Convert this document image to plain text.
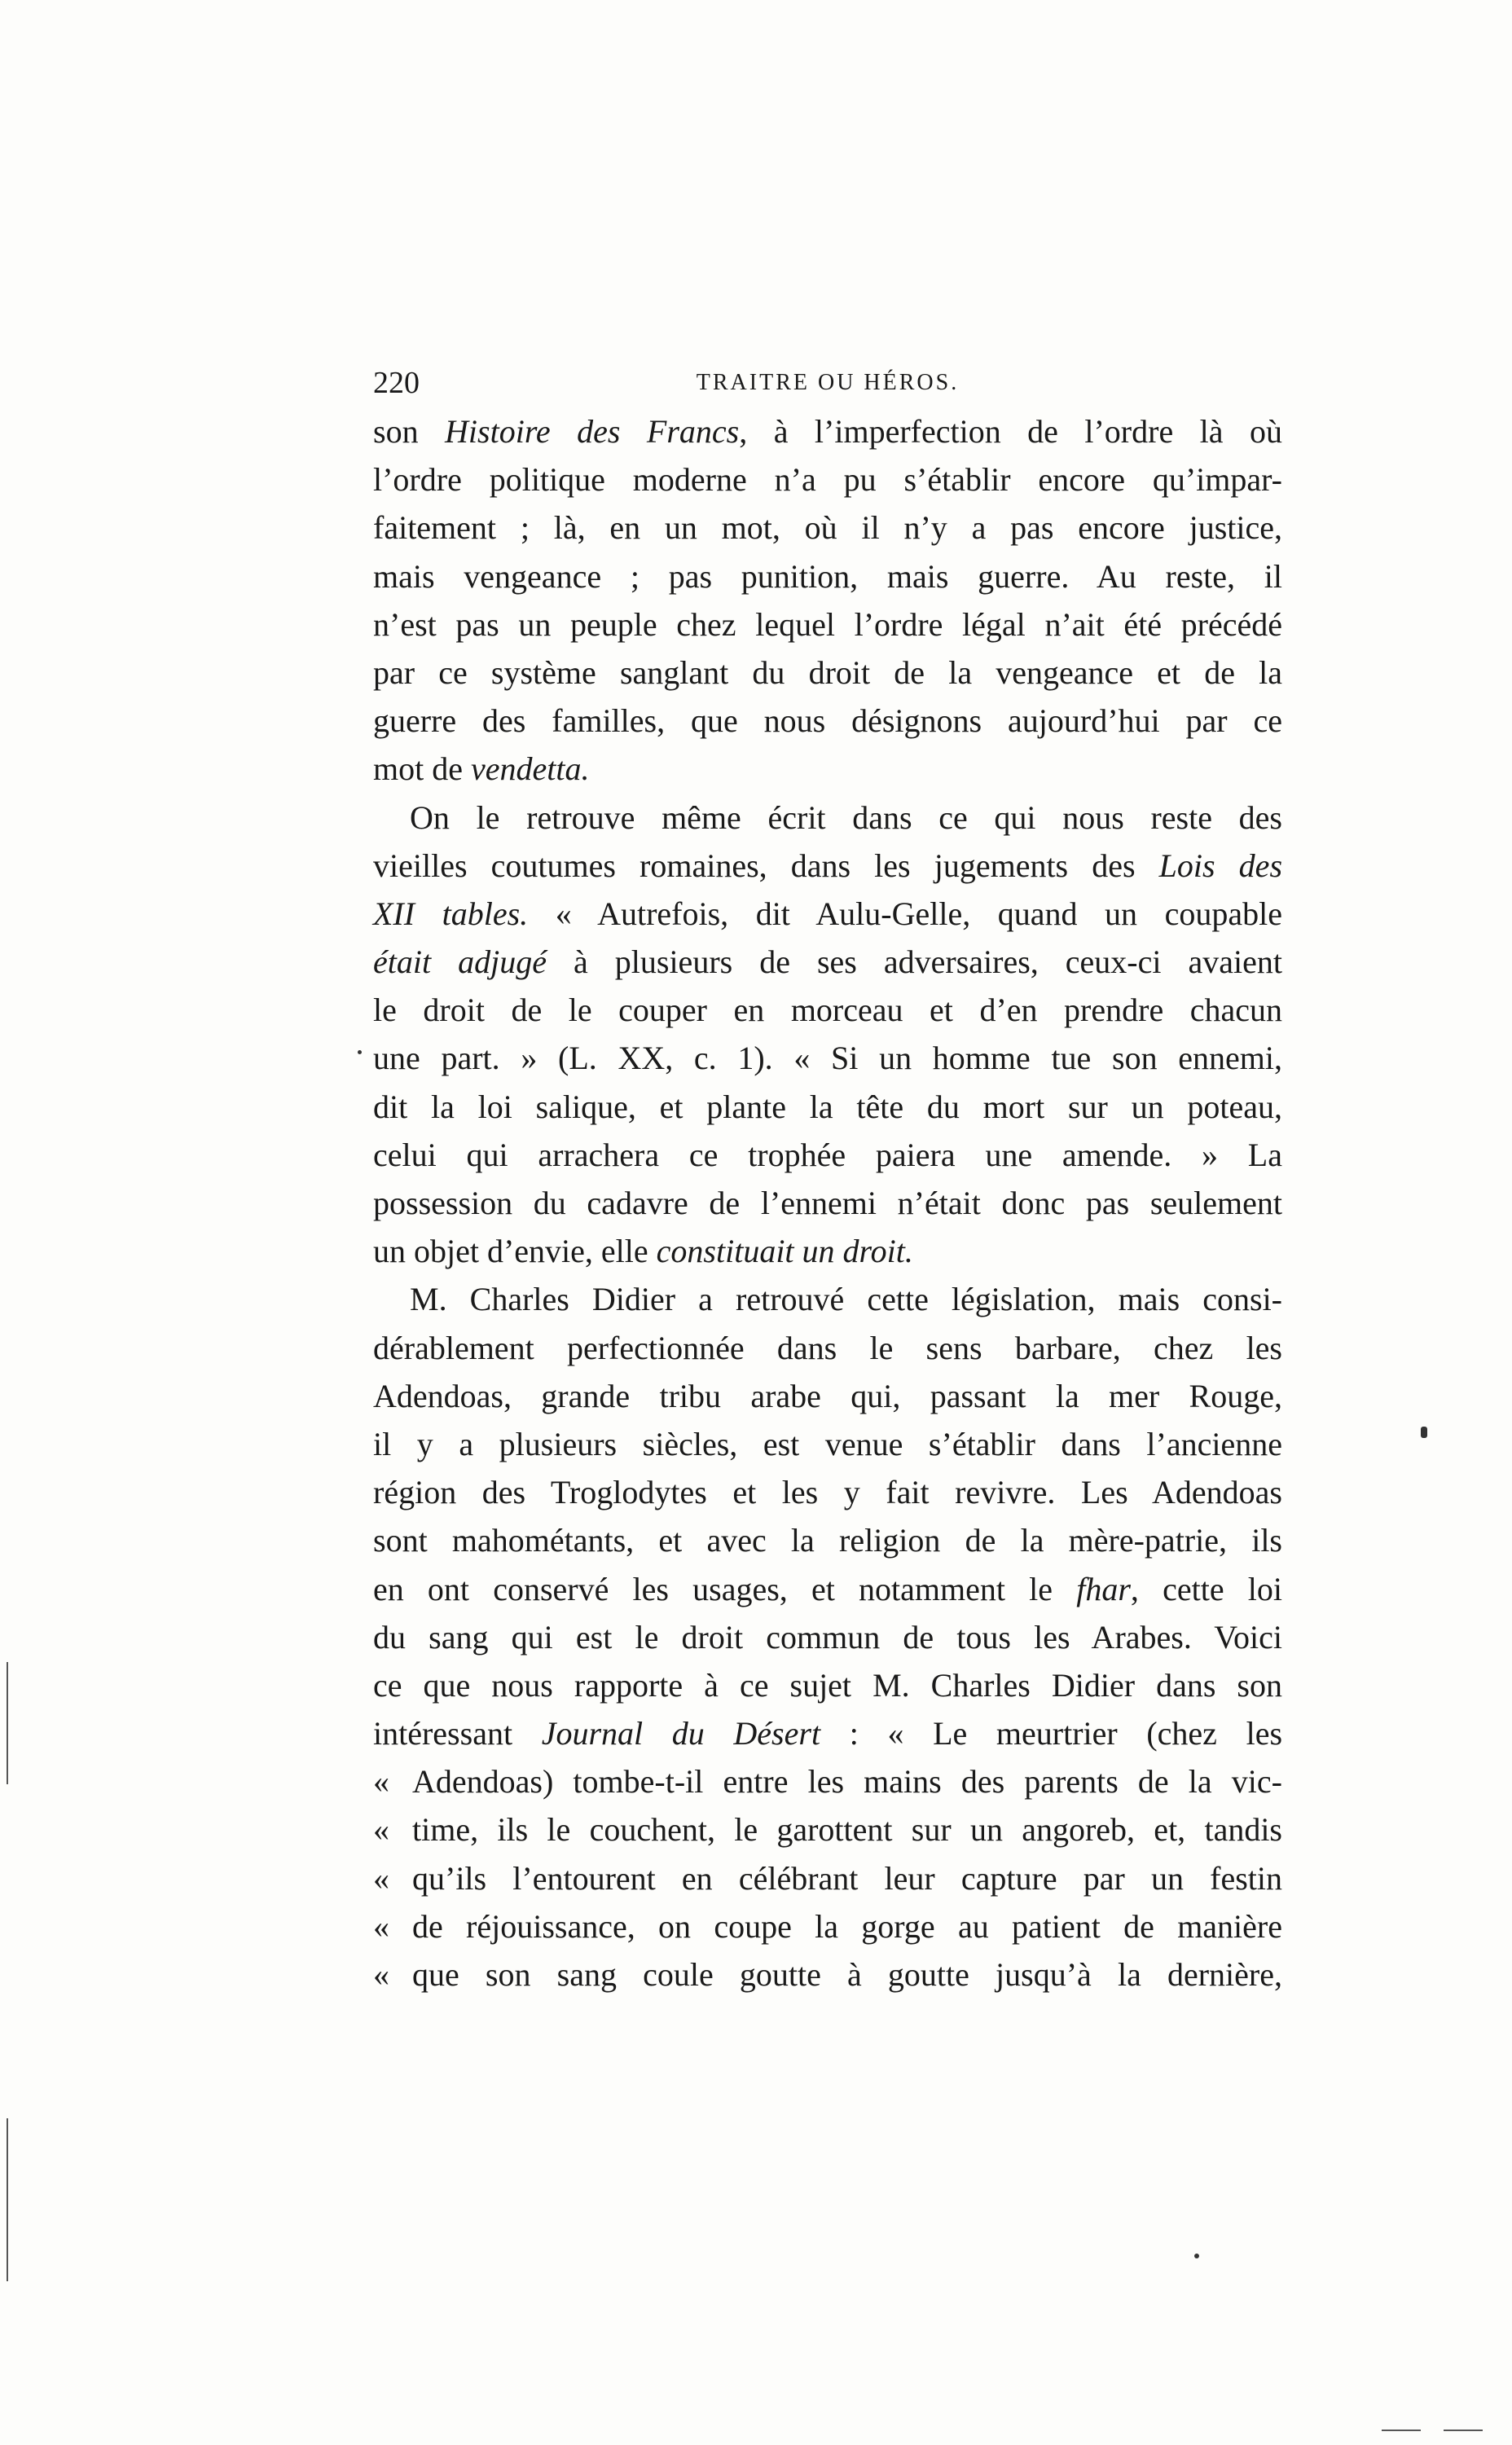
220	TRAITRE OU HÉROS.
son Histoire des Francs, à l’imperfection de l’ordre là où
l’ordre politique moderne n’a pu s’établir encore qu’impar-
faitement ; là, en un mot, où il n’y a pas encore justice,
mais vengeance ; pas punition, mais guerre. Au reste, il
n’est pas un peuple chez lequel l’ordre légal n’ait été précédé
par ce système sanglant du droit de la vengeance et de la
guerre des familles, que nous désignons aujourd’hui par ce
mot de vendetta.
On le retrouve même écrit dans ce qui nous reste des
vieilles coutumes romaines, dans les jugements des Lois des
XII tables. « Autrefois, dit Aulu-Gelle, quand un coupable
était adjugé à plusieurs de ses adversaires, ceux-ci avaient
le droit de le couper en morceau et d’en prendre chacun
une part. » (L. XX, c. 1). « Si un homme tue son ennemi,
dit la loi salique, et plante la tête du mort sur un poteau,
celui qui arrachera ce trophée paiera une amende. » La
possession du cadavre de l’ennemi n’était donc pas seulement
un objet d’envie, elle constituait un droit.
M. Charles Didier a retrouvé cette législation, mais consi-
dérablement perfectionnée dans le sens barbare, chez les
Adendoas, grande tribu arabe qui, passant la mer Rouge,
il y a plusieurs siècles, est venue s’établir dans l’ancienne
région des Troglodytes et les y fait revivre. Les Adendoas
sont mahométants, et avec la religion de la mère-patrie, ils
en ont conservé les usages, et notamment le fhar, cette loi
du sang qui est le droit commun de tous les Arabes. Voici
ce que nous rapporte à ce sujet M. Charles Didier dans son
intéressant Journal du Désert : « Le meurtrier (chez les
« Adendoas) tombe-t-il entre les mains des parents de la vic-
« time, ils le couchent, le garottent sur un angoreb, et, tandis
« qu’ils l’entourent en célébrant leur capture par un festin
« de réjouissance, on coupe la gorge au patient de manière
« que son sang coule goutte à goutte jusqu’à la dernière,
